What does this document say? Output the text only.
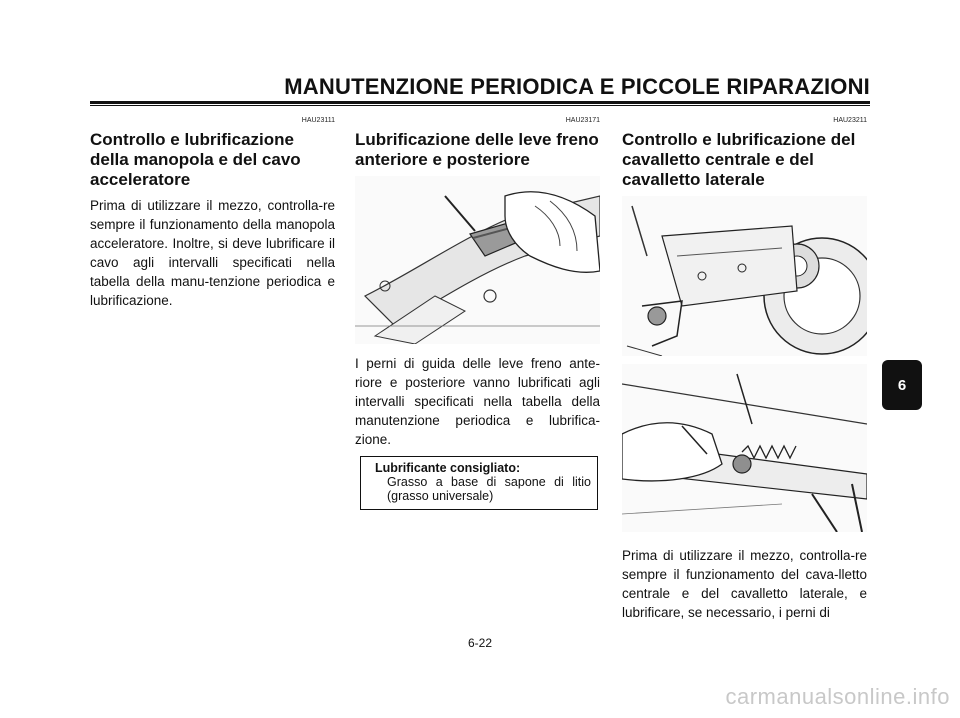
MANUTENZIONE PERIODICA E PICCOLE RIPARAZIONI
HAU23111
Controllo e lubrificazione della manopola e del cavo acceleratore

Prima di utilizzare il mezzo, controlla-re sempre il funzionamento della manopola acceleratore. Inoltre, si deve lubrificare il cavo agli intervalli specificati nella tabella della manu-tenzione periodica e lubrificazione.

HAU23171
Lubrificazione delle leve freno anteriore e posteriore

I perni di guida delle leve freno ante-riore e posteriore vanno lubrificati agli intervalli specificati nella tabella della manutenzione periodica e lubrifica-zione.

Lubrificante consigliato:
Grasso a base di sapone di litio (grasso universale)
HAU23211
Controllo e lubrificazione del cavalletto centrale e del cavalletto laterale

Prima di utilizzare il mezzo, controlla-re sempre il funzionamento del cava-lletto centrale e del cavalletto laterale, e lubrificare, se necessario, i perni di

6
6-22
carmanualsonline.info
